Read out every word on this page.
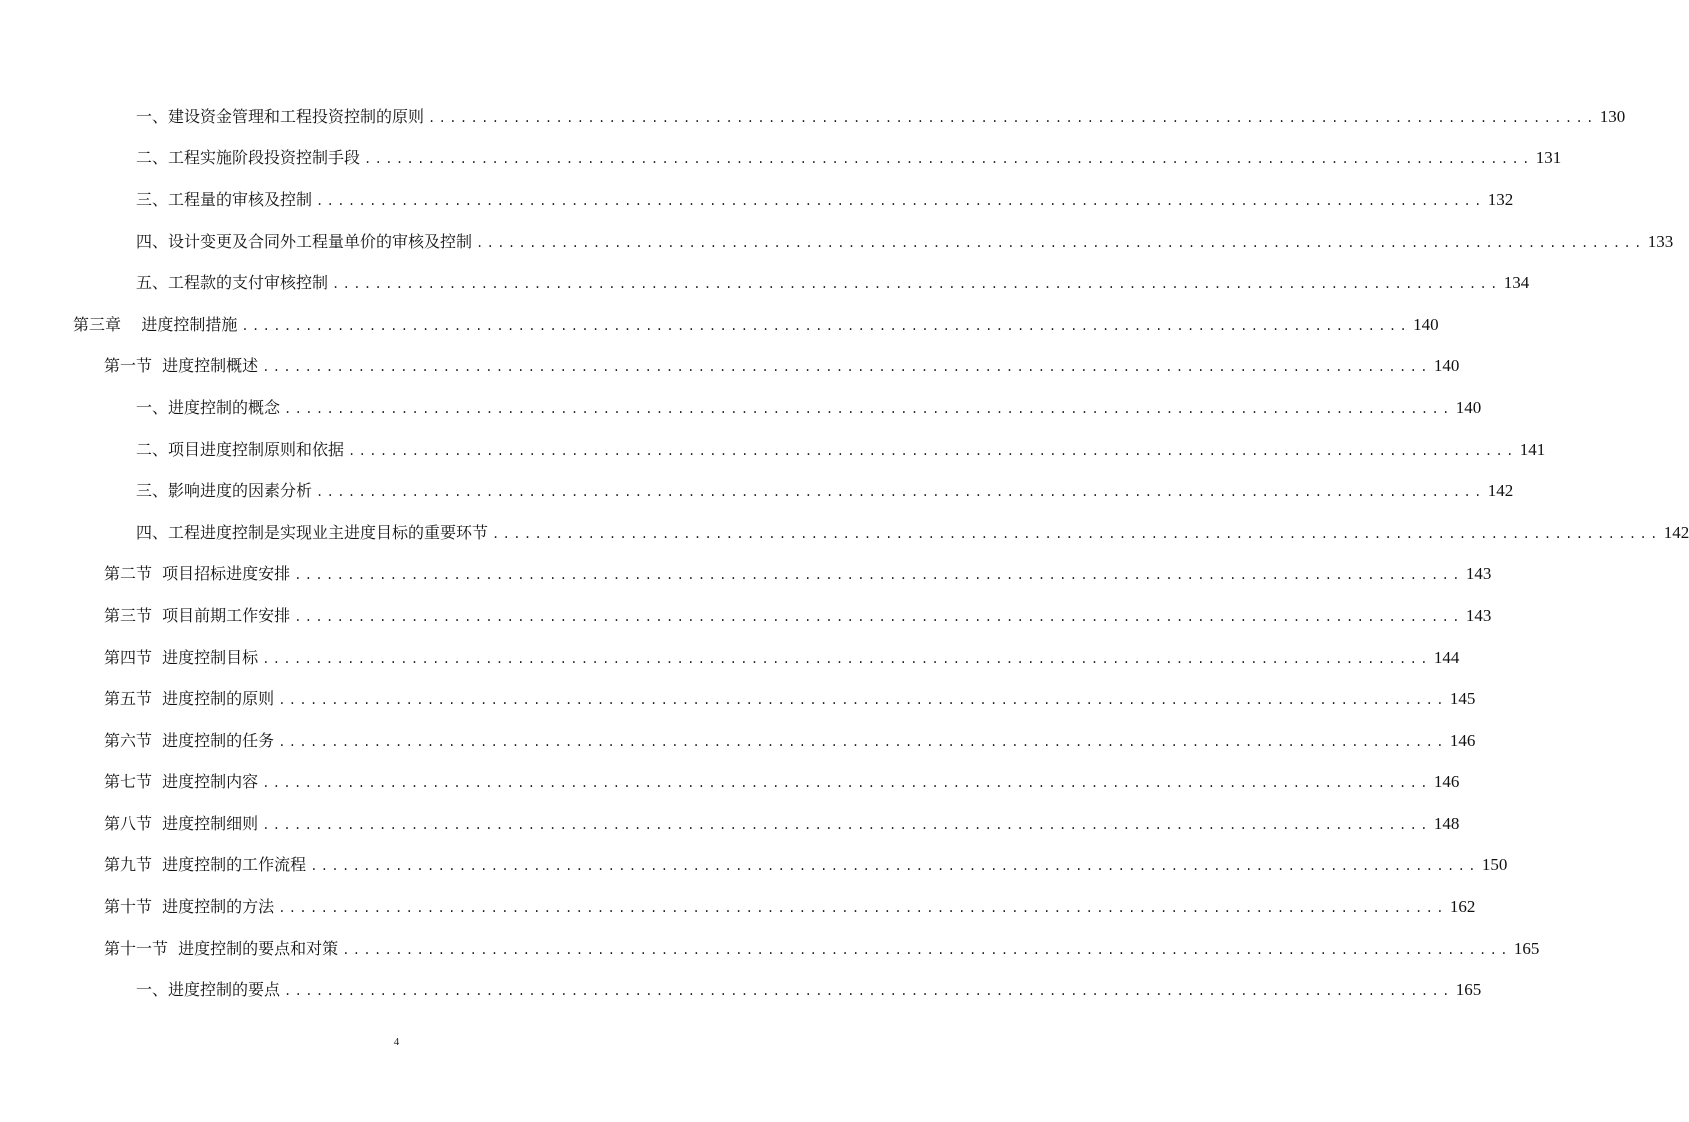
一、建设资金管理和工程投资控制的原则 .............................................................................................................. 130
二、工程实施阶段投资控制手段 .............................................................................................................. 131
三、工程量的审核及控制 .............................................................................................................. 132
四、设计变更及合同外工程量单价的审核及控制 .............................................................................................................. 133
五、工程款的支付审核控制 .............................................................................................................. 134
第三章    进度控制措施 .............................................................................................................. 140
第一节  进度控制概述 .............................................................................................................. 140
一、进度控制的概念 .............................................................................................................. 140
二、项目进度控制原则和依据 .............................................................................................................. 141
三、影响进度的因素分析 .............................................................................................................. 142
四、工程进度控制是实现业主进度目标的重要环节 .............................................................................................................. 142
第二节  项目招标进度安排 .............................................................................................................. 143
第三节  项目前期工作安排 .............................................................................................................. 143
第四节  进度控制目标 .............................................................................................................. 144
第五节  进度控制的原则 .............................................................................................................. 145
第六节  进度控制的任务 .............................................................................................................. 146
第七节  进度控制内容 .............................................................................................................. 146
第八节  进度控制细则 .............................................................................................................. 148
第九节  进度控制的工作流程 .............................................................................................................. 150
第十节  进度控制的方法 .............................................................................................................. 162
第十一节  进度控制的要点和对策 .............................................................................................................. 165
一、进度控制的要点 .............................................................................................................. 165
4
